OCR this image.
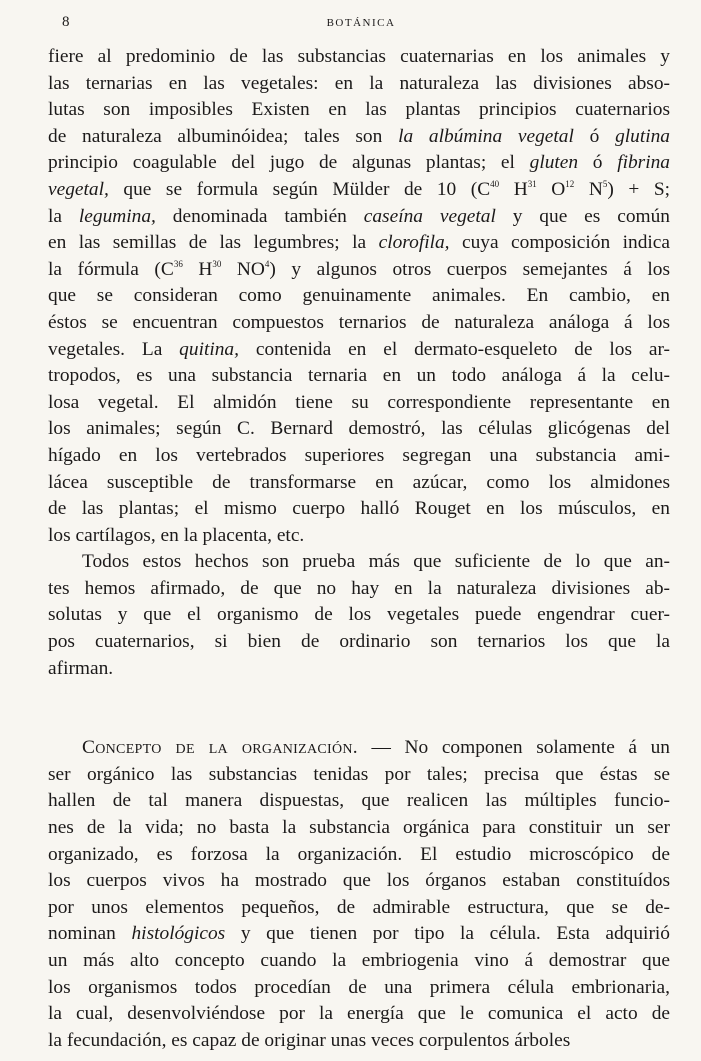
8	BOTÁNICA
fiere al predominio de las substancias cuaternarias en los animales y
las ternarias en las vegetales: en la naturaleza las divisiones abso-
lutas son imposibles Existen en las plantas principios cuaternarios
de naturaleza albuminóidea; tales son la albúmina vegetal ó glutina
principio coagulable del jugo de algunas plantas; el gluten ó fibrina
vegetal, que se formula según Mülder de 10 ($C^{40}$ $H^{31}$ $O^{12}$ $N^5) + S$;
la legumina, denominada también caseína vegetal y que es común
en las semillas de las legumbres; la clorofila, cuya composición indica
la fórmula ($C^{36}$ $H^{30}$ $NO^4$) y algunos otros cuerpos semejantes á los
que se consideran como genuinamente animales. En cambio, en
éstos se encuentran compuestos ternarios de naturaleza análoga á los
vegetales. La quitina, contenida en el dermato-esqueleto de los ar-
tropodos, es una substancia ternaria en un todo análoga á la celu-
losa vegetal. El almidón tiene su correspondiente representante en
los animales; según C. Bernard demostró, las células glicógenas del
hígado en los vertebrados superiores segregan una substancia ami-
lácea susceptible de transformarse en azúcar, como los almidones
de las plantas; el mismo cuerpo halló Rouget en los músculos, en
los cartílagos, en la placenta, etc.
Todos estos hechos son prueba más que suficiente de lo que an-
tes hemos afirmado, de que no hay en la naturaleza divisiones ab-
solutas y que el organismo de los vegetales puede engendrar cuer-
pos cuaternarios, si bien de ordinario son ternarios los que la
afirman.
Concepto de la organización. — No componen solamente á un
ser orgánico las substancias tenidas por tales; precisa que éstas se
hallen de tal manera dispuestas, que realicen las múltiples funcio-
nes de la vida; no basta la substancia orgánica para constituir un ser
organizado, es forzosa la organización. El estudio microscópico de
los cuerpos vivos ha mostrado que los órganos estaban constituídos
por unos elementos pequeños, de admirable estructura, que se de-
nominan histológicos y que tienen por tipo la célula. Esta adquirió
un más alto concepto cuando la embriogenia vino á demostrar que
los organismos todos procedían de una primera célula embrionaria,
la cual, desenvolviéndose por la energía que le comunica el acto de
la fecundación, es capaz de originar unas veces corpulentos árboles
